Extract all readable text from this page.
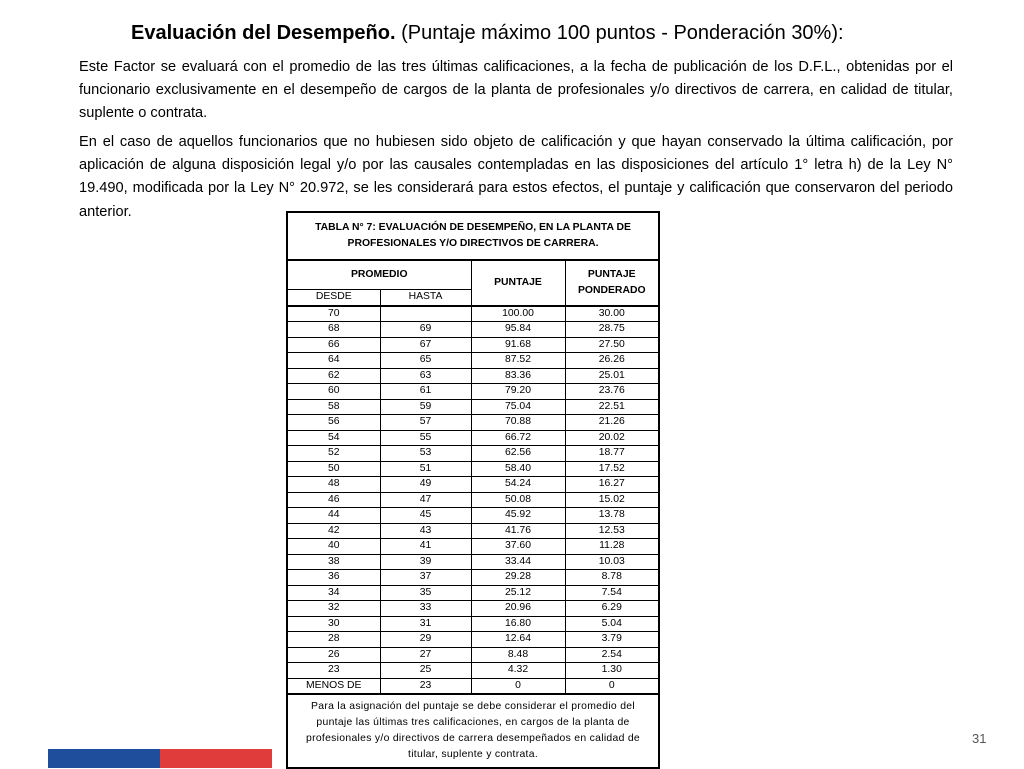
Evaluación del Desempeño. (Puntaje máximo 100 puntos - Ponderación 30%):

Este Factor se evaluará con el promedio de las tres últimas calificaciones, a la fecha de publicación de los D.F.L., obtenidas por el funcionario exclusivamente en el desempeño de cargos de la planta de profesionales y/o directivos de carrera, en calidad de titular, suplente o contrata.

En el caso de aquellos funcionarios que no hubiesen sido objeto de calificación y que hayan conservado la última calificación, por aplicación de alguna disposición legal y/o por las causales contempladas en las disposiciones del artículo 1° letra h) de la Ley N° 19.490, modificada por la Ley N° 20.972, se les considerará para estos efectos, el puntaje y calificación que conservaron del periodo anterior.

TABLA N° 7: EVALUACIÓN DE DESEMPEÑO, EN LA PLANTA DE PROFESIONALES Y/O DIRECTIVOS DE CARRERA.			
PROMEDIO		PUNTAJE	PUNTAJE PONDERADO
DESDE	HASTA		
70		100.00	30.00
68	69	95.84	28.75
66	67	91.68	27.50
64	65	87.52	26.26
62	63	83.36	25.01
60	61	79.20	23.76
58	59	75.04	22.51
56	57	70.88	21.26
54	55	66.72	20.02
52	53	62.56	18.77
50	51	58.40	17.52
48	49	54.24	16.27
46	47	50.08	15.02
44	45	45.92	13.78
42	43	41.76	12.53
40	41	37.60	11.28
38	39	33.44	10.03
36	37	29.28	8.78
34	35	25.12	7.54
32	33	20.96	6.29
30	31	16.80	5.04
28	29	12.64	3.79
26	27	8.48	2.54
23	25	4.32	1.30
MENOS DE	23	0	0
Para la asignación del puntaje se debe considerar el promedio del puntaje las últimas tres calificaciones, en cargos de la planta de profesionales y/o directivos de carrera desempeñados en calidad de titular, suplente y contrata.			
31
